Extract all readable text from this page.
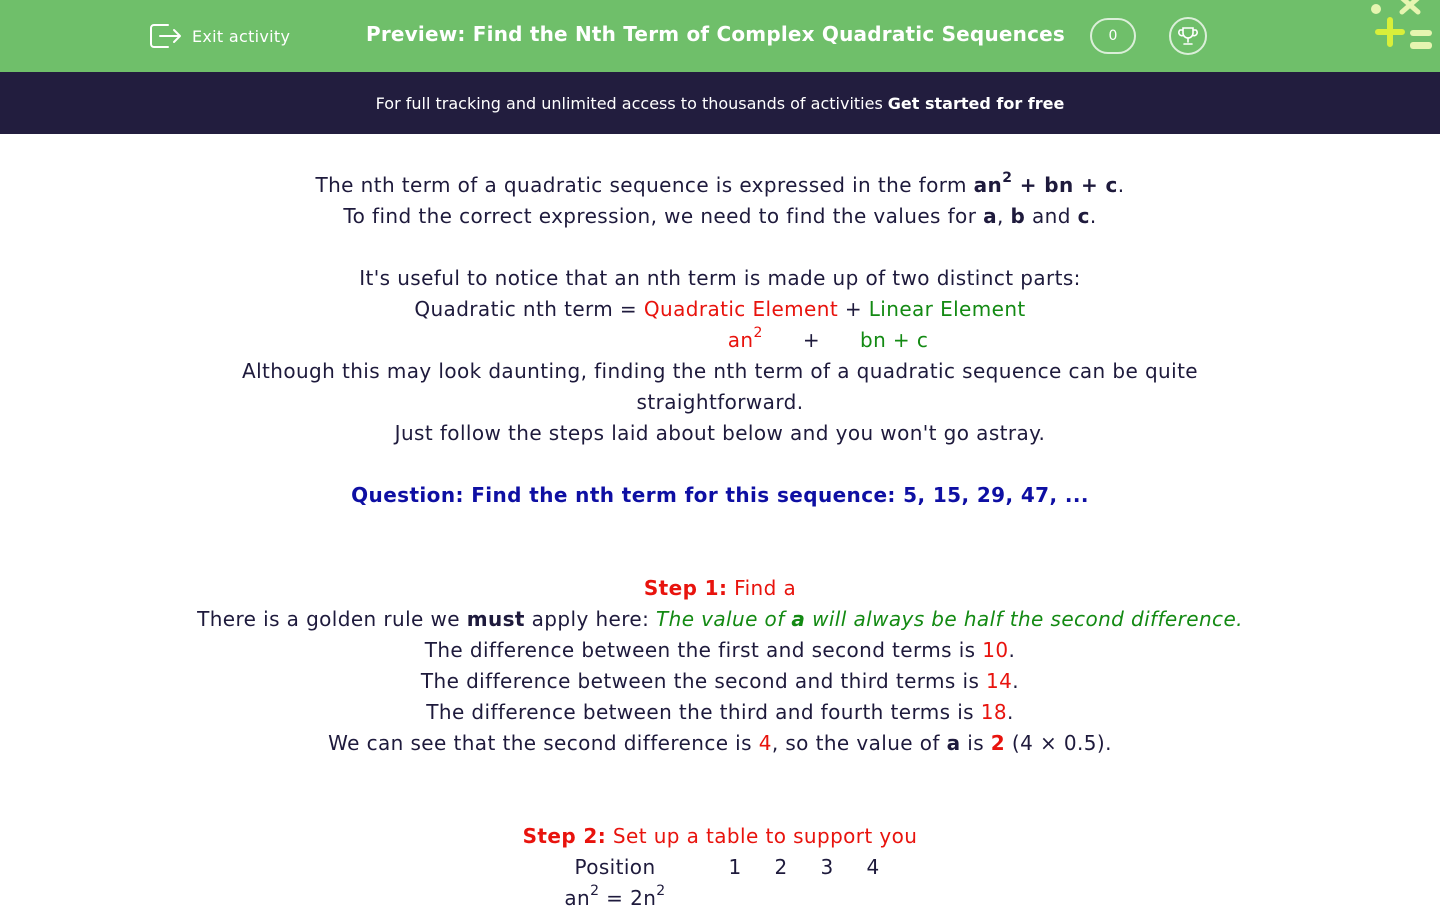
Exit activity	Preview: Find the Nth Term of Complex Quadratic Sequences	0
For full tracking and unlimited access to thousands of activities Get started for free
The nth term of a quadratic sequence is expressed in the form $an^2$ + bn + c.
To find the correct expression, we need to find the values for a, b and c.
It's useful to notice that an nth term is made up of two distinct parts:
Quadratic nth term = Quadratic Element + Linear Element
$an^2$ + bn + c
Although this may look daunting, finding the nth term of a quadratic sequence can be quite straightforward.
Just follow the steps laid about below and you won't go astray.
Question: Find the nth term for this sequence: 5, 15, 29, 47, ...
Step 1: Find a
There is a golden rule we must apply here: The value of a will always be half the second difference.
The difference between the first and second terms is 10.
The difference between the second and third terms is 14.
The difference between the third and fourth terms is 18.
We can see that the second difference is 4, so the value of a is 2 (4 × 0.5).
Step 2: Set up a table to support you
Position	1	2	3	4
$an^2 = 2n^2$
